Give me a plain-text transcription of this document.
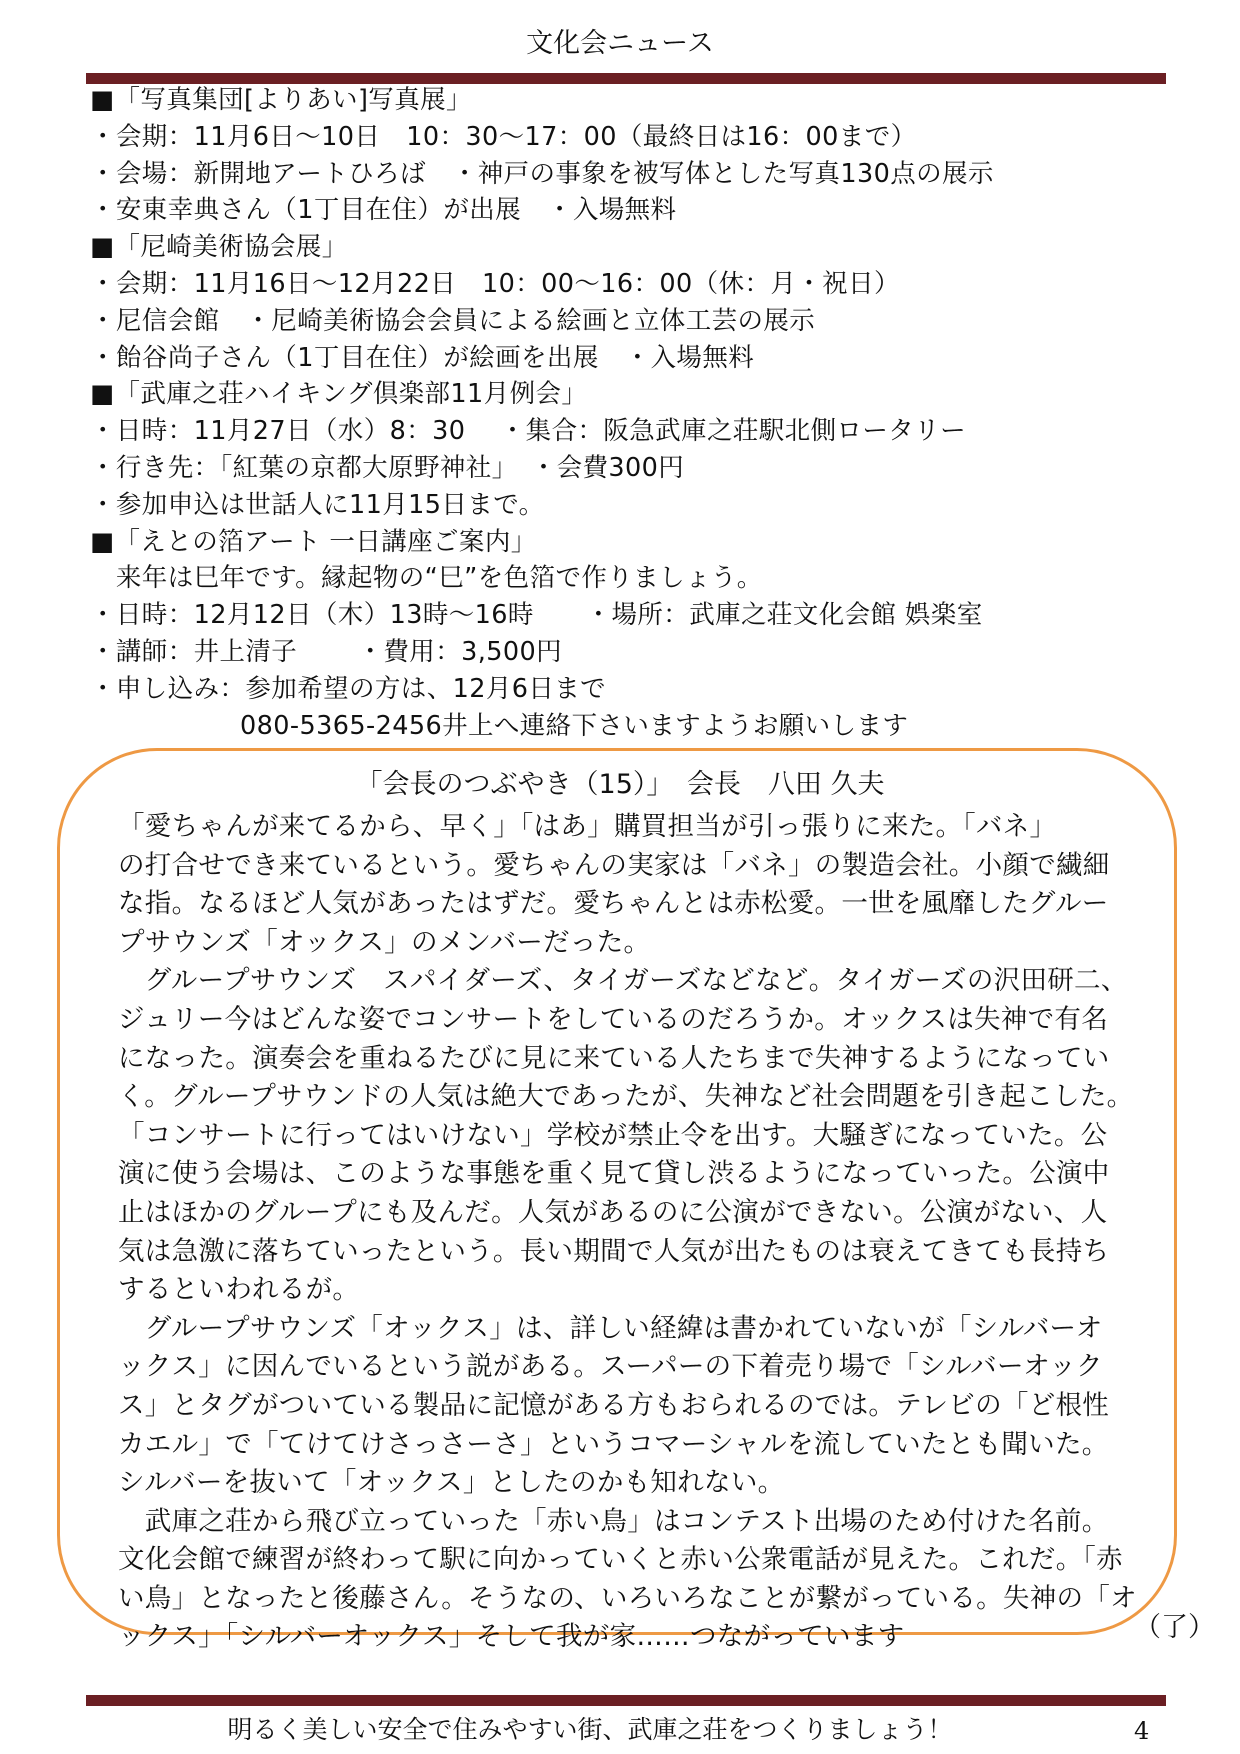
文化会ニュース
■「写真集団[よりあい]写真展」
・会期：11月6日～10日　10：30～17：00（最終日は16：00まで）
・会場：新開地アートひろば　・神戸の事象を被写体とした写真130点の展示
・安東幸典さん（1丁目在住）が出展　・入場無料
■「尼崎美術協会展」
・会期：11月16日～12月22日　10：00～16：00（休：月・祝日）
・尼信会館　・尼崎美術協会会員による絵画と立体工芸の展示
・飴谷尚子さん（1丁目在住）が絵画を出展　・入場無料
■「武庫之荘ハイキング倶楽部11月例会」
・日時：11月27日（水）8：30　 ・集合：阪急武庫之荘駅北側ロータリー
・行き先：「紅葉の京都大原野神社」　・会費300円
・参加申込は世話人に11月15日まで。
■「えとの箔アート 一日講座ご案内」
　来年は巳年です。縁起物の“巳”を色箔で作りましょう。
・日時：12月12日（木）13時～16時　　・場所：武庫之荘文化会館 娯楽室
・講師：井上清子　　 ・費用：3,500円
・申し込み：参加希望の方は、12月6日まで
080-5365-2456井上へ連絡下さいますようお願いします
「会長のつぶやき（15）」　会長　八田 久夫
「愛ちゃんが来てるから、早く」「はあ」購買担当が引っ張りに来た。「バネ」
の打合せでき来ているという。愛ちゃんの実家は「バネ」の製造会社。小顔で繊細
な指。なるほど人気があったはずだ。愛ちゃんとは赤松愛。一世を風靡したグルー
プサウンズ「オックス」のメンバーだった。
　グループサウンズ　スパイダーズ、タイガーズなどなど。タイガーズの沢田研二、
ジュリー今はどんな姿でコンサートをしているのだろうか。オックスは失神で有名
になった。演奏会を重ねるたびに見に来ている人たちまで失神するようになってい
く。グループサウンドの人気は絶大であったが、失神など社会問題を引き起こした。
「コンサートに行ってはいけない」学校が禁止令を出す。大騒ぎになっていた。公
演に使う会場は、このような事態を重く見て貸し渋るようになっていった。公演中
止はほかのグループにも及んだ。人気があるのに公演ができない。公演がない、人
気は急激に落ちていったという。長い期間で人気が出たものは衰えてきても長持ち
するといわれるが。
　グループサウンズ「オックス」は、詳しい経緯は書かれていないが「シルバーオ
ックス」に因んでいるという説がある。スーパーの下着売り場で「シルバーオック
ス」とタグがついている製品に記憶がある方もおられるのでは。テレビの「ど根性
カエル」で「てけてけさっさーさ」というコマーシャルを流していたとも聞いた。
シルバーを抜いて「オックス」としたのかも知れない。
　武庫之荘から飛び立っていった「赤い鳥」はコンテスト出場のため付けた名前。
文化会館で練習が終わって駅に向かっていくと赤い公衆電話が見えた。これだ。「赤
い鳥」となったと後藤さん。そうなの、いろいろなことが繋がっている。失神の「オ
ックス」「シルバーオックス」そして我が家……つながっています	（了）
明るく美しい安全で住みやすい街、武庫之荘をつくりましょう！	4
